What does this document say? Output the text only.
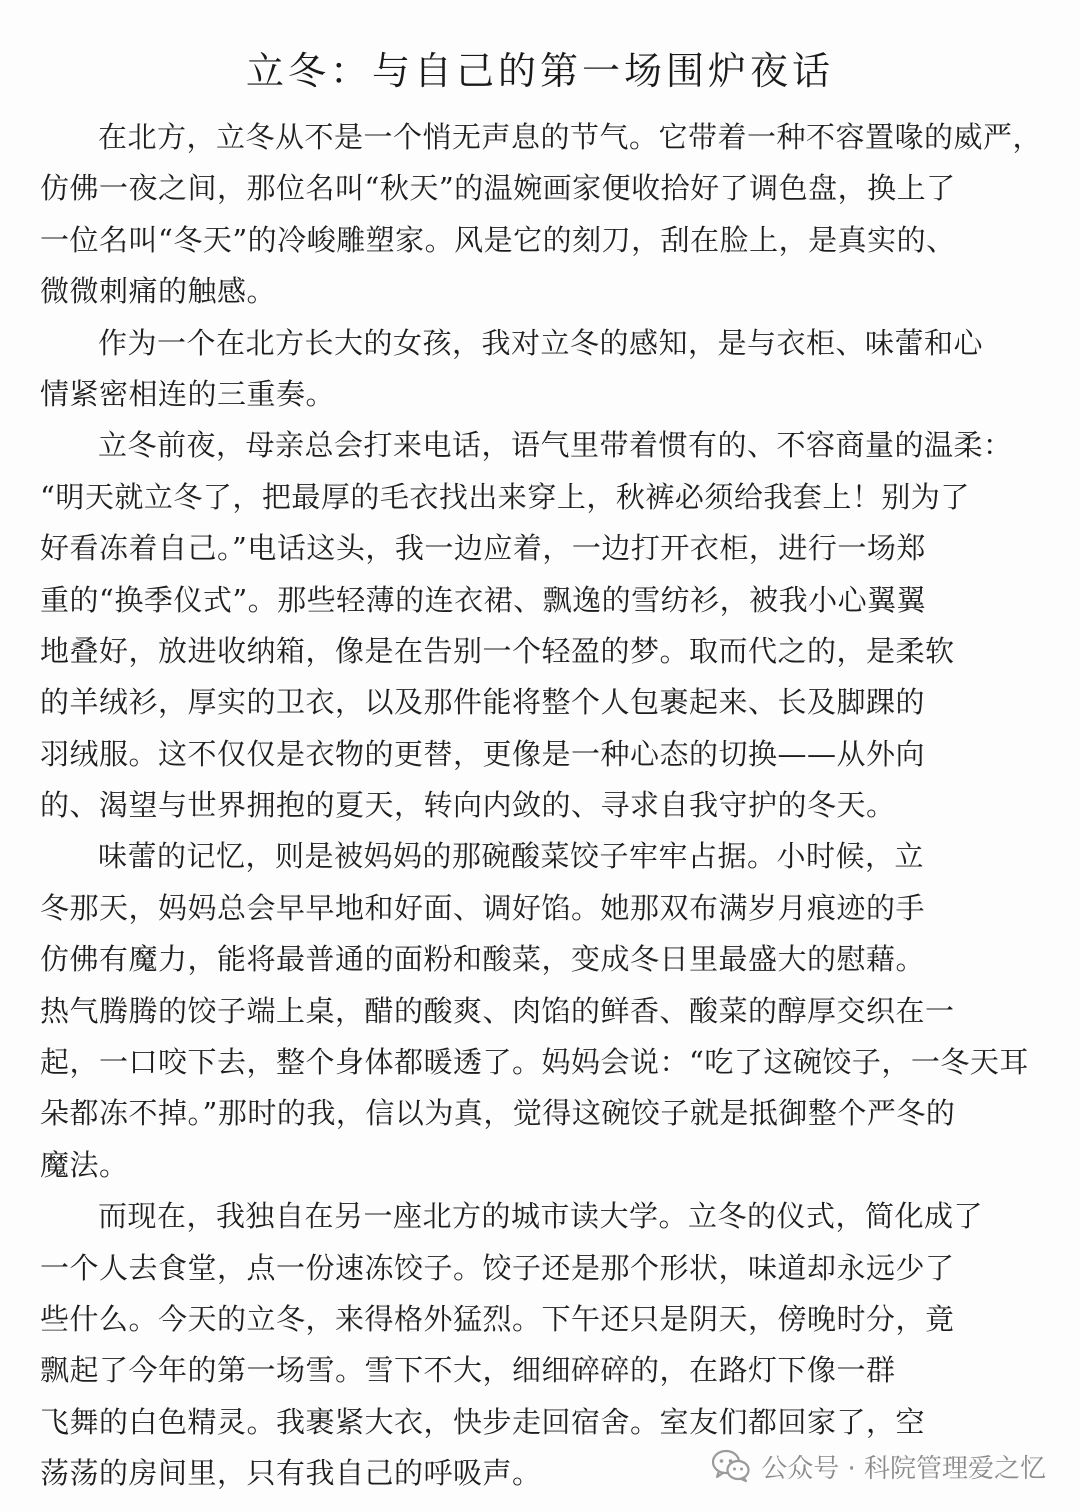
立冬：与自己的第一场围炉夜话
在北方，立冬从不是一个悄无声息的节气。它带着一种不容置喙的威严，
仿佛一夜之间，那位名叫“秋天”的温婉画家便收拾好了调色盘，换上了
一位名叫“冬天”的冷峻雕塑家。风是它的刻刀，刮在脸上，是真实的、
微微刺痛的触感。
作为一个在北方长大的女孩，我对立冬的感知，是与衣柜、味蕾和心
情紧密相连的三重奏。
立冬前夜，母亲总会打来电话，语气里带着惯有的、不容商量的温柔：
“明天就立冬了，把最厚的毛衣找出来穿上，秋裤必须给我套上！别为了
好看冻着自己。”电话这头，我一边应着，一边打开衣柜，进行一场郑
重的“换季仪式”。那些轻薄的连衣裙、飘逸的雪纺衫，被我小心翼翼
地叠好，放进收纳箱，像是在告别一个轻盈的梦。取而代之的，是柔软
的羊绒衫，厚实的卫衣，以及那件能将整个人包裹起来、长及脚踝的
羽绒服。这不仅仅是衣物的更替，更像是一种心态的切换——从外向
的、渴望与世界拥抱的夏天，转向内敛的、寻求自我守护的冬天。
味蕾的记忆，则是被妈妈的那碗酸菜饺子牢牢占据。小时候，立
冬那天，妈妈总会早早地和好面、调好馅。她那双布满岁月痕迹的手
仿佛有魔力，能将最普通的面粉和酸菜，变成冬日里最盛大的慰藉。
热气腾腾的饺子端上桌，醋的酸爽、肉馅的鲜香、酸菜的醇厚交织在一
起，一口咬下去，整个身体都暖透了。妈妈会说：“吃了这碗饺子，一冬天耳
朵都冻不掉。”那时的我，信以为真，觉得这碗饺子就是抵御整个严冬的
魔法。
而现在，我独自在另一座北方的城市读大学。立冬的仪式，简化成了
一个人去食堂，点一份速冻饺子。饺子还是那个形状，味道却永远少了
些什么。今天的立冬，来得格外猛烈。下午还只是阴天，傍晚时分，竟
飘起了今年的第一场雪。雪下不大，细细碎碎的，在路灯下像一群
飞舞的白色精灵。我裹紧大衣，快步走回宿舍。室友们都回家了，空
荡荡的房间里，只有我自己的呼吸声。	公众号 · 科院管理爱之忆
